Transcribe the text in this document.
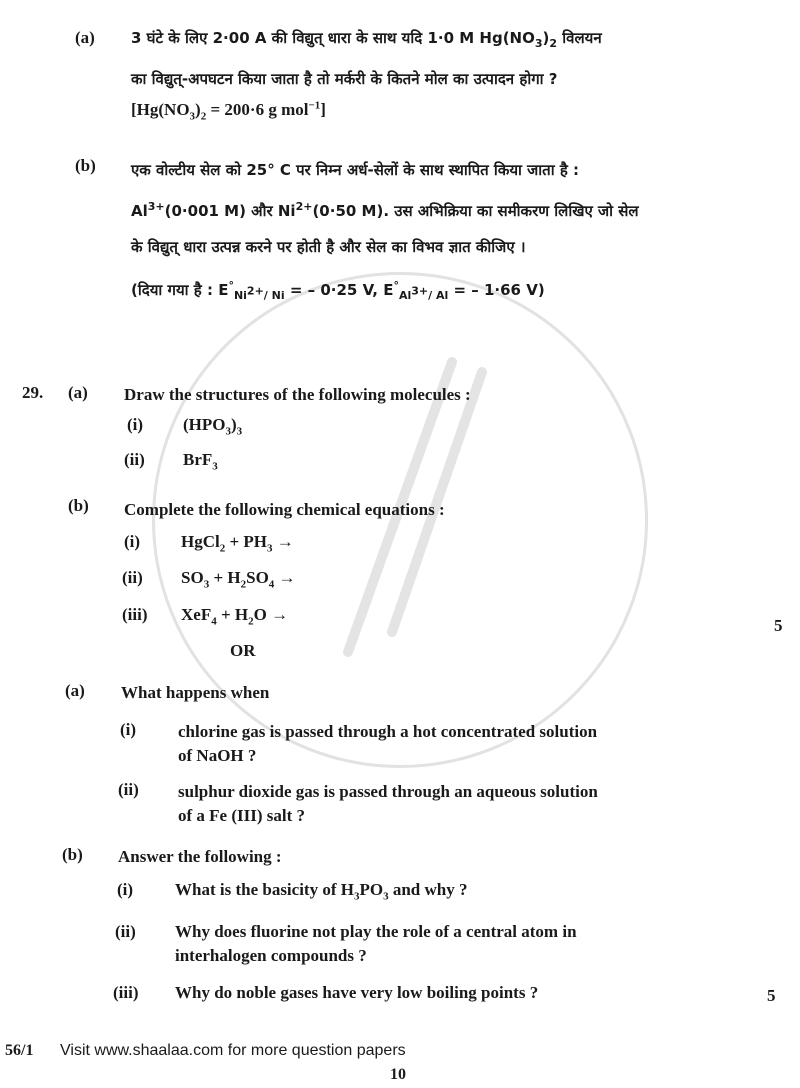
(a) 3 घंटे के लिए 2·00 A की विद्युत् धारा के साथ यदि 1·0 M $Hg(NO_3)_2$ विलयन
का विद्युत्-अपघटन किया जाता है तो मर्करी के कितने मोल का उत्पादन होगा ?
[$Hg(NO_3)_2 = 200\cdot 6$ g mol$^{-1}$]
(b) एक वोल्टीय सेल को 25° C पर निम्न अर्ध-सेलों के साथ स्थापित किया जाता है :
$Al^{3+}(0\cdot 001$ M) और $Ni^{2+}(0\cdot 50$ M). उस अभिक्रिया का समीकरण लिखिए जो सेल
के विद्युत् धारा उत्पन्न करने पर होती है और सेल का विभव ज्ञात कीजिए ।
(दिया गया है : $E^\circ_{Ni^{2+}/ Ni}$ = – 0·25 V, $E^\circ_{Al^{3+}/ Al}$ = – 1·66 V)
29. (a) Draw the structures of the following molecules :
(i) $(HPO_3)_3$
(ii) BrF$_3$
(b) Complete the following chemical equations :
(i) HgCl$_2$ + $PH_3$ →
(ii) $SO_3 + H_2SO_4$ →
(iii) $XeF_4 + H_2O$ →
5
OR
(a) What happens when
(i) chlorine gas is passed through a hot concentrated solution
of NaOH ?
(ii) sulphur dioxide gas is passed through an aqueous solution
of a Fe (III) salt ?
(b) Answer the following :
(i) What is the basicity of $H_3PO_3$ and why ?
(ii) Why does fluorine not play the role of a central atom in
interhalogen compounds ?
(iii) Why do noble gases have very low boiling points ?	5
56/1 Visit www.shaalaa.com for more question papers
10
